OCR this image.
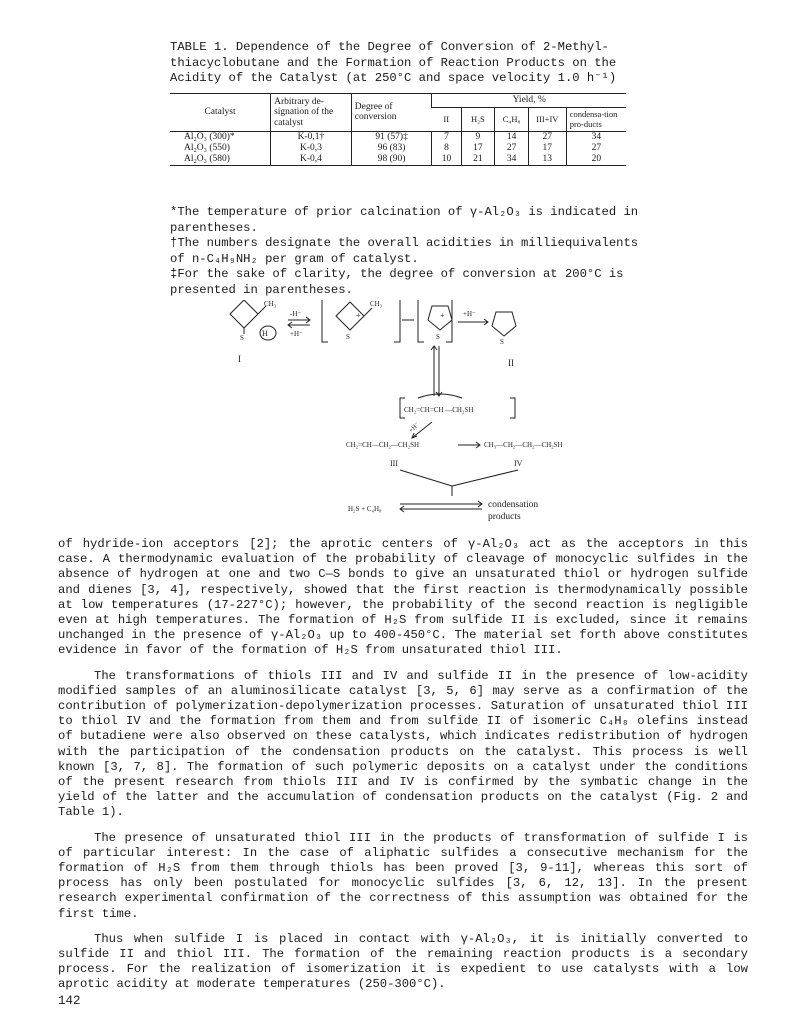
TABLE 1. Dependence of the Degree of Conversion of 2-Methyl-thiacyclobutane and the Formation of Reaction Products on the Acidity of the Catalyst (at 250°C and space velocity 1.0 h⁻¹)
Catalyst	Arbitrary de-signation of the catalyst	Degree of conversion	Yield, %				
			II	H₂S	C₄H₈	III+IV	condensa-tion pro-ducts
Al₂O₃ (300)*	K-0,1†	91 (57)‡	7	9	14	27	34
Al₂O₃ (550)	K-0,3	96 (83)	8	17	27	17	27
Al₂O₃ (580)	K-0,4	98 (90)	10	21	34	13	20
*The temperature of prior calcination of γ-Al₂O₃ is indicated in parentheses.
†The numbers designate the overall acidities in milliequivalents of n-C₄H₉NH₂ per gram of catalyst.
‡For the sake of clarity, the degree of conversion at 200°C is presented in parentheses.
CH₃
H
S
I
-H⁻
+H⁻
CH₃
+
S
+
S
+H⁻
S
II
+
CH₂=CH=CH —CH₂SH
+H⁻
CH₂=CH—CH₂—CH₂SH	CH₃—CH₂—CH₂—CH₂SH
III	IV
H₂S + C₄H₈	condensation
products

of hydride-ion acceptors [2]; the aprotic centers of γ-Al₂O₃ act as the acceptors in this case. A thermodynamic evaluation of the probability of cleavage of monocyclic sulfides in the absence of hydrogen at one and two C—S bonds to give an unsaturated thiol or hydrogen sulfide and dienes [3, 4], respectively, showed that the first reaction is thermodynamically possible at low temperatures (17-227°C); however, the probability of the second reaction is negligible even at high temperatures. The formation of H₂S from sulfide II is excluded, since it remains unchanged in the presence of γ-Al₂O₃ up to 400-450°C. The material set forth above constitutes evidence in favor of the formation of H₂S from unsaturated thiol III.

The transformations of thiols III and IV and sulfide II in the presence of low-acidity modified samples of an aluminosilicate catalyst [3, 5, 6] may serve as a confirmation of the contribution of polymerization-depolymerization processes. Saturation of unsaturated thiol III to thiol IV and the formation from them and from sulfide II of isomeric C₄H₈ olefins instead of butadiene were also observed on these catalysts, which indicates redistribution of hydrogen with the participation of the condensation products on the catalyst. This process is well known [3, 7, 8]. The formation of such polymeric deposits on a catalyst under the conditions of the present research from thiols III and IV is confirmed by the symbatic change in the yield of the latter and the accumulation of condensation products on the catalyst (Fig. 2 and Table 1).

The presence of unsaturated thiol III in the products of transformation of sulfide I is of particular interest: In the case of aliphatic sulfides a consecutive mechanism for the formation of H₂S from them through thiols has been proved [3, 9-11], whereas this sort of process has only been postulated for monocyclic sulfides [3, 6, 12, 13]. In the present research experimental confirmation of the correctness of this assumption was obtained for the first time.

Thus when sulfide I is placed in contact with γ-Al₂O₃, it is initially converted to sulfide II and thiol III. The formation of the remaining reaction products is a secondary process. For the realization of isomerization it is expedient to use catalysts with a low aprotic acidity at moderate temperatures (250-300°C).

142
